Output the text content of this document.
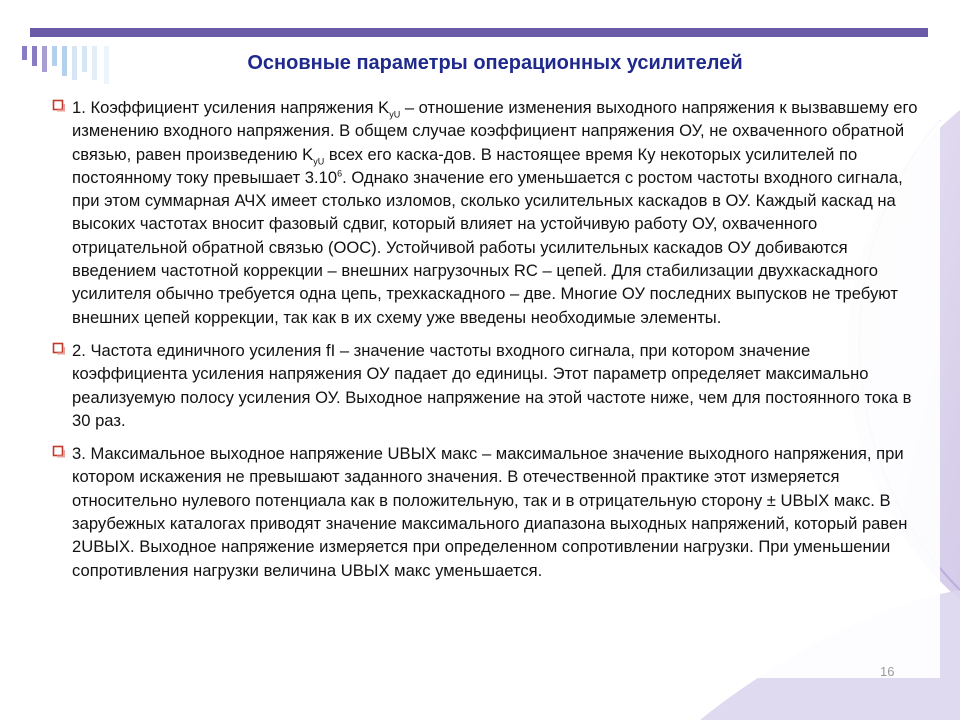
Основные параметры операционных усилителей
1. Коэффициент усиления напряжения $K_{уU}$ – отношение изменения выходного напряжения к вызвавшему его изменению входного напряжения. В общем случае коэффициент напряжения ОУ, не охваченного обратной связью, равен произведению $K_{уU}$ всех его каска-дов. В настоящее время Ку некоторых усилителей по постоянному току превышает 3.10$^6$. Однако значение его уменьшается с ростом частоты входного сигнала, при этом суммарная АЧХ имеет столько изломов, сколько усилительных каскадов в ОУ. Каждый каскад на высоких частотах вносит фазовый сдвиг, который влияет на устойчивую работу ОУ, охваченного отрицательной обратной связью (ООС). Устойчивой работы усилительных каскадов ОУ добиваются введением частотной коррекции – внешних нагрузочных RC – цепей. Для стабилизации двухкаскадного усилителя обычно требуется одна цепь, трехкаскадного – две. Многие ОУ последних выпусков не требуют внешних цепей коррекции, так как в их схему уже введены необходимые элементы.
2. Частота единичного усиления fI – значение частоты входного сигнала, при котором значение коэффициента усиления напряжения ОУ падает до единицы. Этот параметр определяет максимально реализуемую полосу усиления ОУ. Выходное напряжение на этой частоте ниже, чем для постоянного тока в 30 раз.
3. Максимальное выходное напряжение UВЫХ макс – максимальное значение выходного напряжения, при котором искажения не превышают заданного значения. В отечественной практике этот измеряется относительно нулевого потенциала как в положительную, так и в отрицательную сторону ± UВЫХ макс. В зарубежных каталогах приводят значение максимального диапазона выходных напряжений, который равен 2UВЫХ. Выходное напряжение измеряется при определенном сопротивлении нагрузки. При уменьшении сопротивления нагрузки величина UВЫХ макс уменьшается.
16
